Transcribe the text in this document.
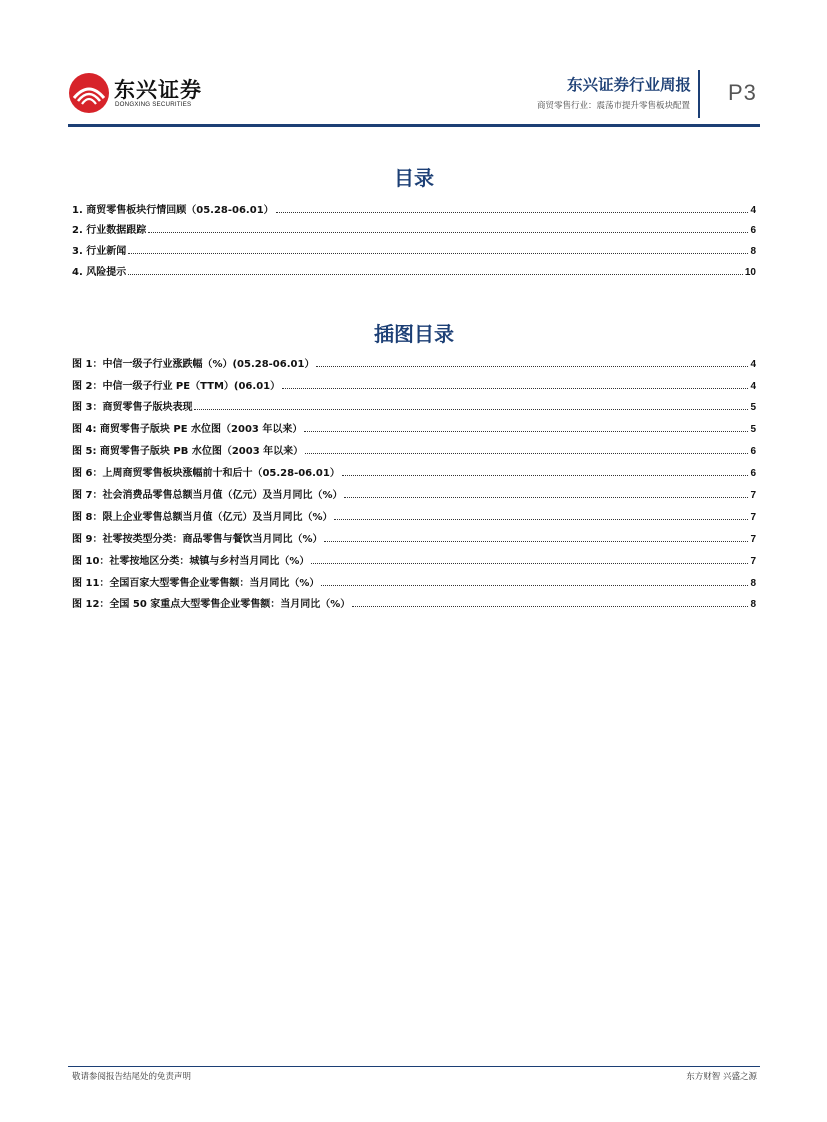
东兴证券
DONGXING SECURITIES
东兴证券行业周报
商贸零售行业：震荡市提升零售板块配置
P3
目录
1. 商贸零售板块行情回顾（05.28-06.01）	4
2. 行业数据跟踪	6
3. 行业新闻	8
4. 风险提示	10
插图目录
图 1：中信一级子行业涨跌幅（%）(05.28-06.01）	4
图 2：中信一级子行业 PE（TTM）(06.01）	4
图 3：商贸零售子版块表现	5
图 4: 商贸零售子版块 PE 水位图（2003 年以来）	5
图 5: 商贸零售子版块 PB 水位图（2003 年以来）	6
图 6：上周商贸零售板块涨幅前十和后十（05.28-06.01）	6
图 7：社会消费品零售总额当月值（亿元）及当月同比（%）	7
图 8：限上企业零售总额当月值（亿元）及当月同比（%）	7
图 9：社零按类型分类：商品零售与餐饮当月同比（%）	7
图 10：社零按地区分类：城镇与乡村当月同比（%）	7
图 11：全国百家大型零售企业零售额：当月同比（%）	8
图 12：全国 50 家重点大型零售企业零售额：当月同比（%）	8
敬请参阅报告结尾处的免责声明	东方财智 兴盛之源
